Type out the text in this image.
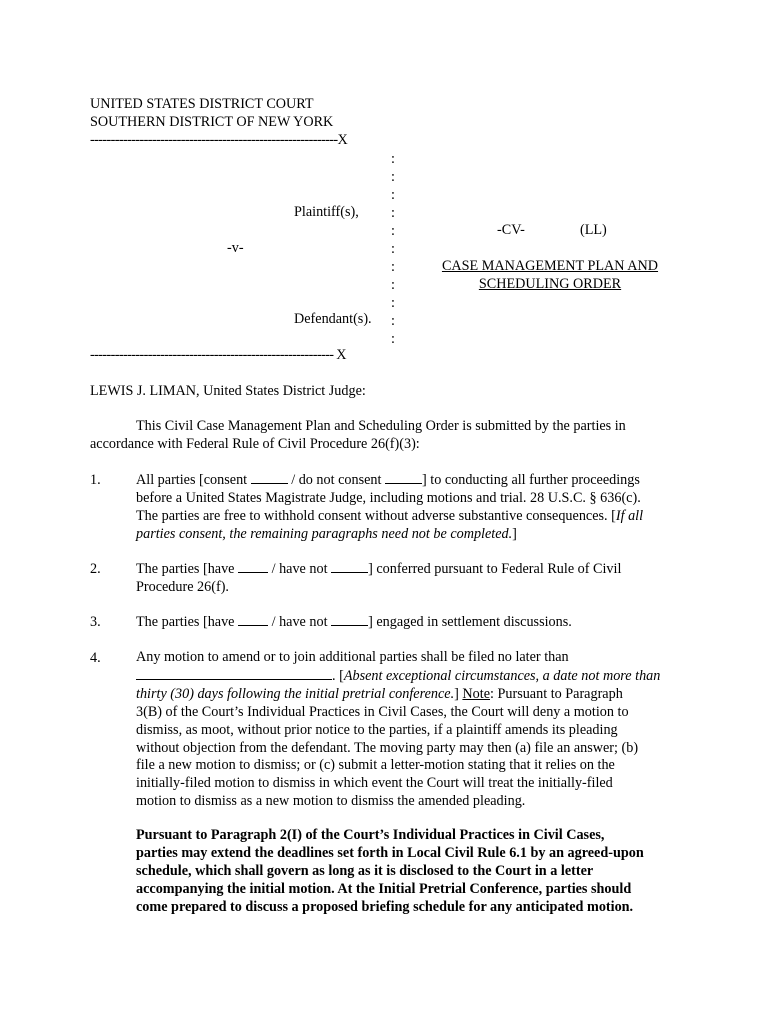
UNITED STATES DISTRICT COURT
SOUTHERN DISTRICT OF NEW YORK
------------------------------------------------------------X
:
:
:
:
:
:
:
:
:
:
:
Plaintiff(s),
-v-
Defendant(s).
-CV-	(LL)
CASE MANAGEMENT PLAN AND
SCHEDULING ORDER
----------------------------------------------------------- X
LEWIS J. LIMAN, United States District Judge:
This Civil Case Management Plan and Scheduling Order is submitted by the parties in accordance with Federal Rule of Civil Procedure 26(f)(3):
1. All parties [consent	/ do not consent	] to conducting all further proceedings
before a United States Magistrate Judge, including motions and trial. 28 U.S.C. § 636(c).
The parties are free to withhold consent without adverse substantive consequences. [If all
parties consent, the remaining paragraphs need not be completed.]
2. The parties [have	/ have not	] conferred pursuant to Federal Rule of Civil
Procedure 26(f).
3. The parties [have	/ have not	] engaged in settlement discussions.
4. Any motion to amend or to join additional parties shall be filed no later than
. [Absent exceptional circumstances, a date not more than
thirty (30) days following the initial pretrial conference.] Note: Pursuant to Paragraph
3(B) of the Court’s Individual Practices in Civil Cases, the Court will deny a motion to
dismiss, as moot, without prior notice to the parties, if a plaintiff amends its pleading
without objection from the defendant. The moving party may then (a) file an answer; (b)
file a new motion to dismiss; or (c) submit a letter-motion stating that it relies on the
initially-filed motion to dismiss in which event the Court will treat the initially-filed
motion to dismiss as a new motion to dismiss the amended pleading.
Pursuant to Paragraph 2(I) of the Court’s Individual Practices in Civil Cases,
parties may extend the deadlines set forth in Local Civil Rule 6.1 by an agreed-upon
schedule, which shall govern as long as it is disclosed to the Court in a letter
accompanying the initial motion. At the Initial Pretrial Conference, parties should
come prepared to discuss a proposed briefing schedule for any anticipated motion.
